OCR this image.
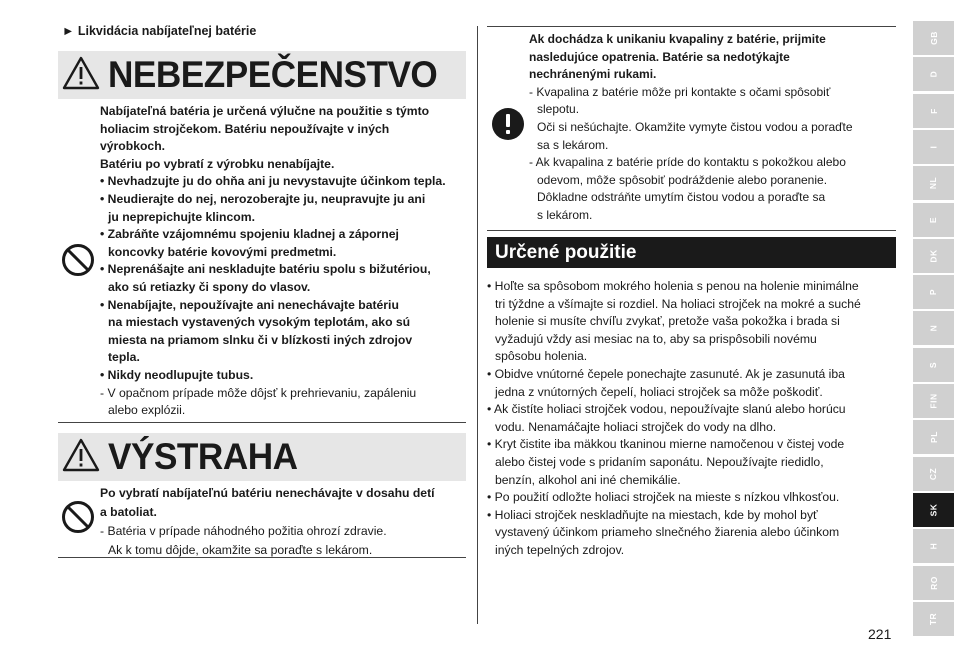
► Likvidácia nabíjateľnej batérie
NEBEZPEČENSTVO

Nabíjateľná batéria je určená výlučne na použitie s týmto

holiacim strojčekom. Batériu nepoužívajte v iných

výrobkoch.

Batériu po vybratí z výrobku nenabíjajte.

• Nevhadzujte ju do ohňa ani ju nevystavujte účinkom tepla.

• Neudierajte do nej, nerozoberajte ju, neupravujte ju ani

ju neprepichujte klincom.

• Zabráňte vzájomnému spojeniu kladnej a zápornej

koncovky batérie kovovými predmetmi.

• Neprenášajte ani neskladujte batériu spolu s bižutériou,

ako sú retiazky či spony do vlasov.

• Nenabíjajte, nepoužívajte ani nenechávajte batériu

na miestach vystavených vysokým teplotám, ako sú

miesta na priamom slnku či v blízkosti iných zdrojov

tepla.

• Nikdy neodlupujte tubus.

- V opačnom prípade môže dôjsť k prehrievaniu, zapáleniu

alebo explózii.

VÝSTRAHA

Po vybratí nabíjateľnú batériu nenechávajte v dosahu detí

a batoliat.

- Batéria v prípade náhodného požitia ohrozí zdravie.

Ak k tomu dôjde, okamžite sa poraďte s lekárom.

Ak dochádza k unikaniu kvapaliny z batérie, prijmite

nasledujúce opatrenia. Batérie sa nedotýkajte

nechránenými rukami.

- Kvapalina z batérie môže pri kontakte s očami spôsobiť

slepotu.

Oči si nešúchajte. Okamžite vymyte čistou vodou a poraďte

sa s lekárom.

- Ak kvapalina z batérie príde do kontaktu s pokožkou alebo

odevom, môže spôsobiť podráždenie alebo poranenie.

Dôkladne odstráňte umytím čistou vodou a poraďte sa

s lekárom.

Určené použitie

• Hoľte sa spôsobom mokrého holenia s penou na holenie minimálne

tri týždne a všímajte si rozdiel. Na holiaci strojček na mokré a suché

holenie si musíte chvíľu zvykať, pretože vaša pokožka i brada si

vyžadujú vždy asi mesiac na to, aby sa prispôsobili novému

spôsobu holenia.

• Obidve vnútorné čepele ponechajte zasunuté. Ak je zasunutá iba

jedna z vnútorných čepelí, holiaci strojček sa môže poškodiť.

• Ak čistíte holiaci strojček vodou, nepoužívajte slanú alebo horúcu

vodu. Nenamáčajte holiaci strojček do vody na dlho.

• Kryt čistite iba mäkkou tkaninou mierne namočenou v čistej vode

alebo čistej vode s pridaním saponátu. Nepoužívajte riedidlo,

benzín, alkohol ani iné chemikálie.

• Po použití odložte holiaci strojček na mieste s nízkou vlhkosťou.

• Holiaci strojček neskladňujte na miestach, kde by mohol byť

vystavený účinkom priameho slnečného žiarenia alebo účinkom

iných tepelných zdrojov.

221
GB
D
F
I
NL
E
DK
P
N
S
FIN
PL
CZ
SK
H
RO
TR
